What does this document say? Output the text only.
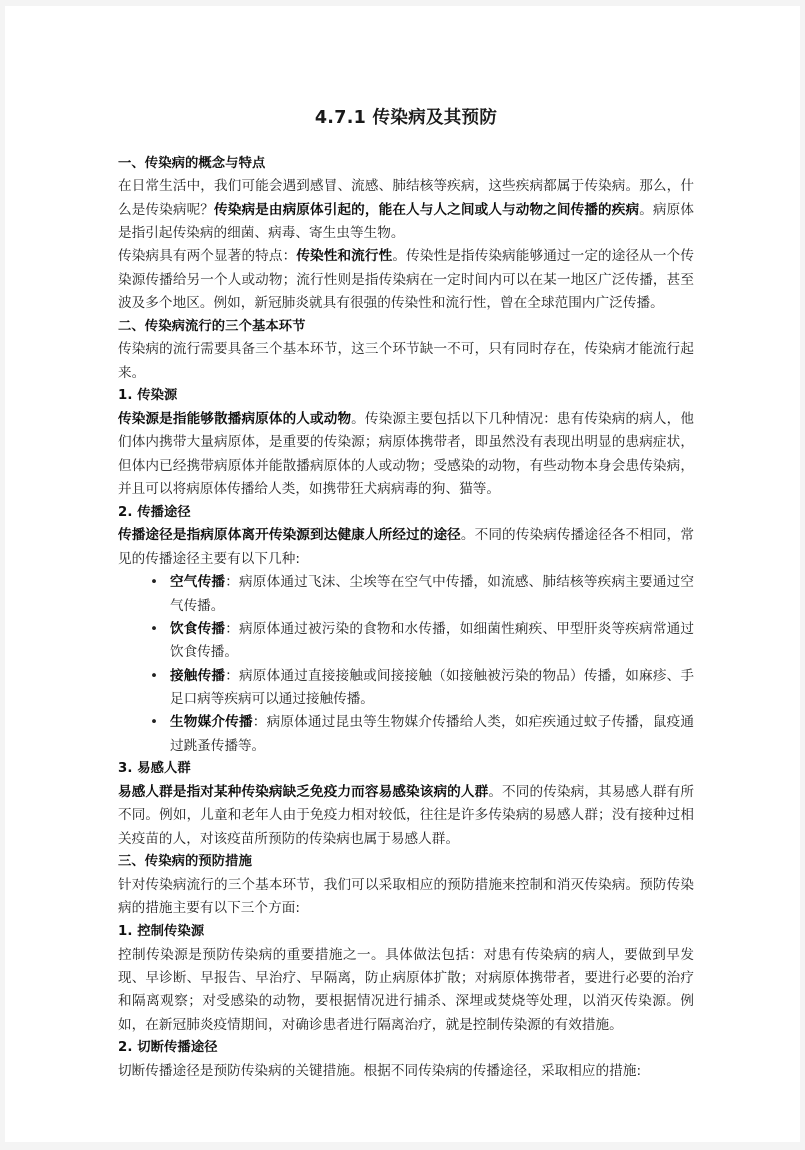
4.7.1 传染病及其预防
一、传染病的概念与特点

在日常生活中，我们可能会遇到感冒、流感、肺结核等疾病，这些疾病都属于传染病。那么，什么是传染病呢？传染病是由病原体引起的，能在人与人之间或人与动物之间传播的疾病。病原体是指引起传染病的细菌、病毒、寄生虫等生物。

传染病具有两个显著的特点：传染性和流行性。传染性是指传染病能够通过一定的途径从一个传染源传播给另一个人或动物；流行性则是指传染病在一定时间内可以在某一地区广泛传播，甚至波及多个地区。例如，新冠肺炎就具有很强的传染性和流行性，曾在全球范围内广泛传播。

二、传染病流行的三个基本环节

传染病的流行需要具备三个基本环节，这三个环节缺一不可，只有同时存在，传染病才能流行起来。

1. 传染源

传染源是指能够散播病原体的人或动物。传染源主要包括以下几种情况：患有传染病的病人，他们体内携带大量病原体，是重要的传染源；病原体携带者，即虽然没有表现出明显的患病症状，但体内已经携带病原体并能散播病原体的人或动物；受感染的动物，有些动物本身会患传染病，并且可以将病原体传播给人类，如携带狂犬病病毒的狗、猫等。

2. 传播途径

传播途径是指病原体离开传染源到达健康人所经过的途径。不同的传染病传播途径各不相同，常见的传播途径主要有以下几种:

• 空气传播：病原体通过飞沫、尘埃等在空气中传播，如流感、肺结核等疾病主要通过空气传播。
• 饮食传播：病原体通过被污染的食物和水传播，如细菌性痢疾、甲型肝炎等疾病常通过饮食传播。
• 接触传播：病原体通过直接接触或间接接触（如接触被污染的物品）传播，如麻疹、手足口病等疾病可以通过接触传播。
• 生物媒介传播：病原体通过昆虫等生物媒介传播给人类，如疟疾通过蚊子传播，鼠疫通过跳蚤传播等。
3. 易感人群

易感人群是指对某种传染病缺乏免疫力而容易感染该病的人群。不同的传染病，其易感人群有所不同。例如，儿童和老年人由于免疫力相对较低，往往是许多传染病的易感人群；没有接种过相关疫苗的人，对该疫苗所预防的传染病也属于易感人群。

三、传染病的预防措施

针对传染病流行的三个基本环节，我们可以采取相应的预防措施来控制和消灭传染病。预防传染病的措施主要有以下三个方面:

1. 控制传染源

控制传染源是预防传染病的重要措施之一。具体做法包括：对患有传染病的病人，要做到早发现、早诊断、早报告、早治疗、早隔离，防止病原体扩散；对病原体携带者，要进行必要的治疗和隔离观察；对受感染的动物，要根据情况进行捕杀、深埋或焚烧等处理，以消灭传染源。例如，在新冠肺炎疫情期间，对确诊患者进行隔离治疗，就是控制传染源的有效措施。

2. 切断传播途径

切断传播途径是预防传染病的关键措施。根据不同传染病的传播途径，采取相应的措施:
